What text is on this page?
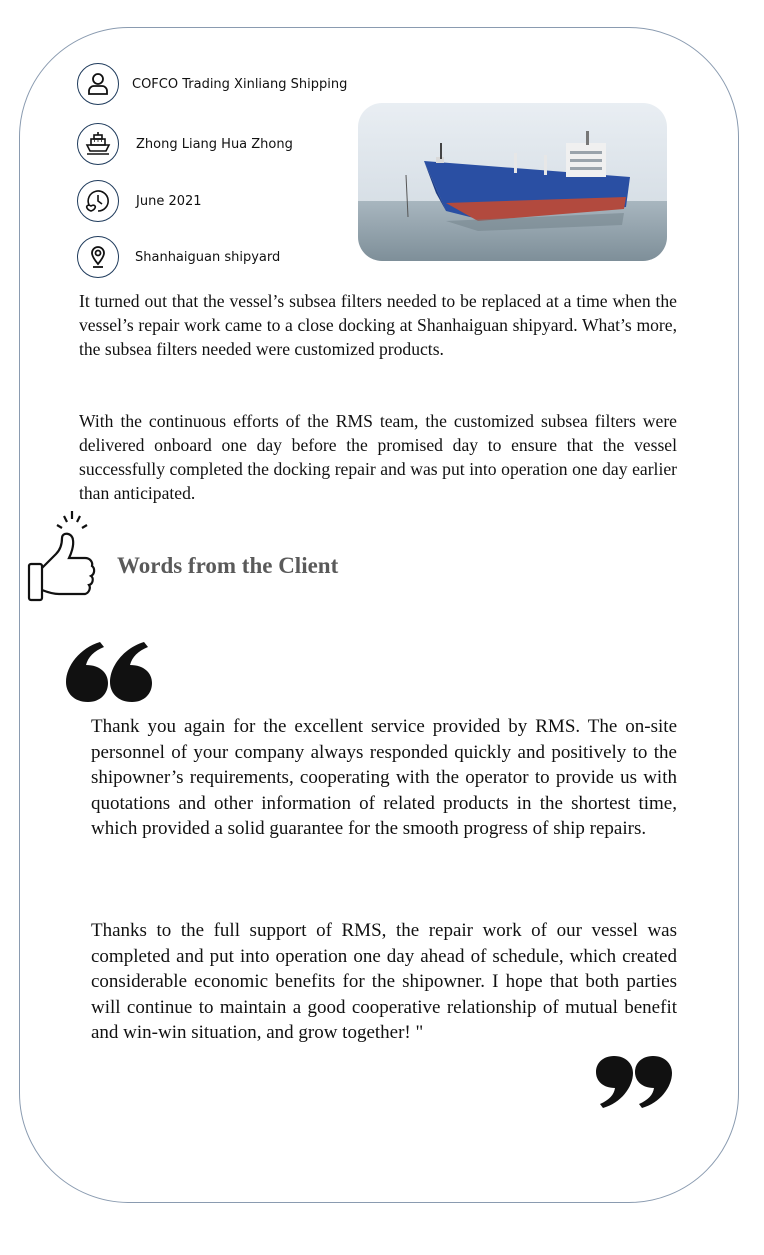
COFCO Trading Xinliang Shipping
Zhong Liang Hua Zhong
June 2021
Shanhaiguan shipyard

It turned out that the vessel’s subsea filters needed to be replaced at a time when the vessel’s repair work came to a close docking at Shanhaiguan shipyard. What’s more, the subsea filters needed were customized products.

With the continuous efforts of the RMS team, the customized subsea filters were delivered onboard one day before the promised day to ensure that the vessel successfully completed the docking repair and was put into operation one day earlier than anticipated.

Words from the Client

Thank you again for the excellent service provided by RMS. The on-site personnel of your company always responded quickly and positively to the shipowner’s requirements, cooperating with the operator to provide us with quotations and other information of related products in the shortest time, which provided a solid guarantee for the smooth progress of ship repairs.

Thanks to the full support of RMS, the repair work of our vessel was completed and put into operation one day ahead of schedule, which created considerable economic benefits for the shipowner. I hope that both parties will continue to maintain a good cooperative relationship of mutual benefit and win-win situation, and grow together! "
